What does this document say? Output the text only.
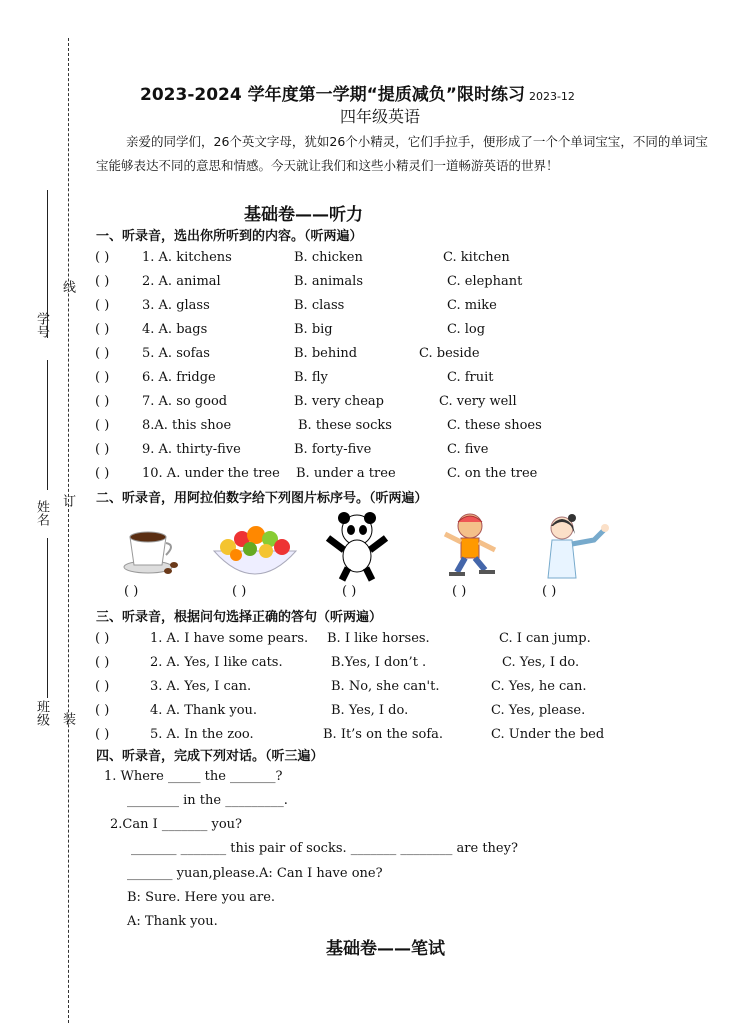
学号
线
姓名 订
班级 装
2023-2024 学年度第一学期“提质减负”限时练习 2023-12
四年级英语
亲爱的同学们，26个英文字母，犹如26个小精灵，它们手拉手，便形成了一个个单词宝宝，不同的单词宝宝能够表达不同的意思和情感。今天就让我们和这些小精灵们一道畅游英语的世界！
基础卷——听力
一、听录音，选出你所听到的内容。（听两遍）
( )	1. A. kitchens	B. chicken	C. kitchen
( )	2. A. animal	B. animals	C. elephant
( )	3. A. glass	B. class	C. mike
( )	4. A. bags	B. big	C. log
( )	5. A. sofas	B. behind	C. beside
( )	6. A. fridge	B. fly	C. fruit
( )	7. A. so good	B. very cheap	C. very well
( )	8.A. this shoe	B. these socks	C. these shoes
( )	9. A. thirty-five	B. forty-five	C. five
( )	10. A. under the tree B. under a tree	C. on the tree
二、听录音，用阿拉伯数字给下列图片标序号。（听两遍）
( )	( )	( )	( )	( )
三、听录音，根据问句选择正确的答句（听两遍）
( )	1. A. I have some pears. B. I like horses.	C. I can jump.
( )	2. A. Yes, I like cats.	B.Yes, I don’t .	C. Yes, I do.
( )	3. A. Yes, I can.	B. No, she can't.	C. Yes, he can.
( )	4. A. Thank you.	B. Yes, I do.	C. Yes, please.
( )	5. A. In the zoo.	B. It’s on the sofa.	C. Under the bed
四、听录音，完成下列对话。（听三遍）
1. Where _____ the _______?
________ in the _________.
2.Can I _______ you?
_______ _______ this pair of socks. _______ ________ are they?
_______ yuan,please.A: Can I have one?
B: Sure. Here you are.
A: Thank you.
基础卷——笔试
